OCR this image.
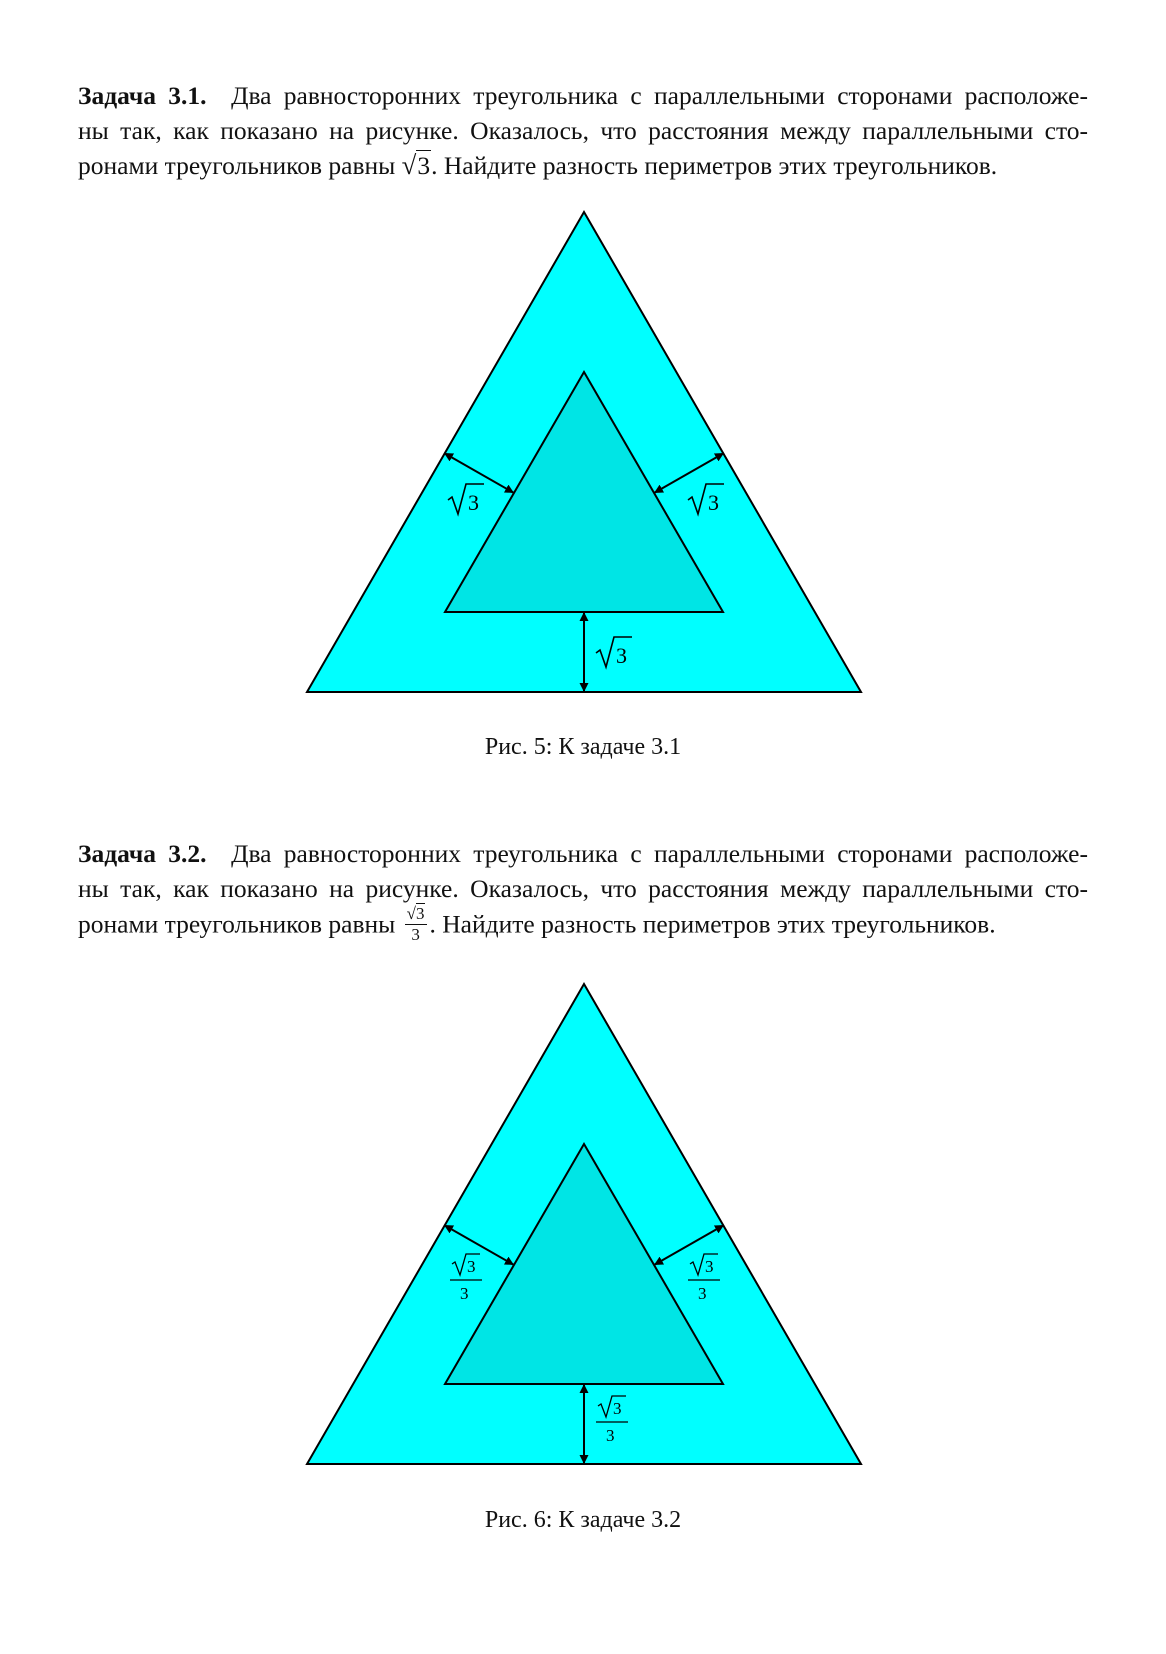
Задача 3.1. Два равносторонних треугольника с параллельными сторонами расположе-
ны так, как показано на рисунке. Оказалось, что расстояния между параллельными сто-
ронами треугольников равны √3. Найдите разность периметров этих треугольников.
3	3
3
Рис. 5: К задаче 3.1
Задача 3.2. Два равносторонних треугольника с параллельными сторонами расположе-
ны так, как показано на рисунке. Оказалось, что расстояния между параллельными сто-
ронами треугольников равны $\frac{√3}{3}$ . Найдите разность периметров этих треугольников.
3
3
3
3
3
3
Рис. 6: К задаче 3.2
